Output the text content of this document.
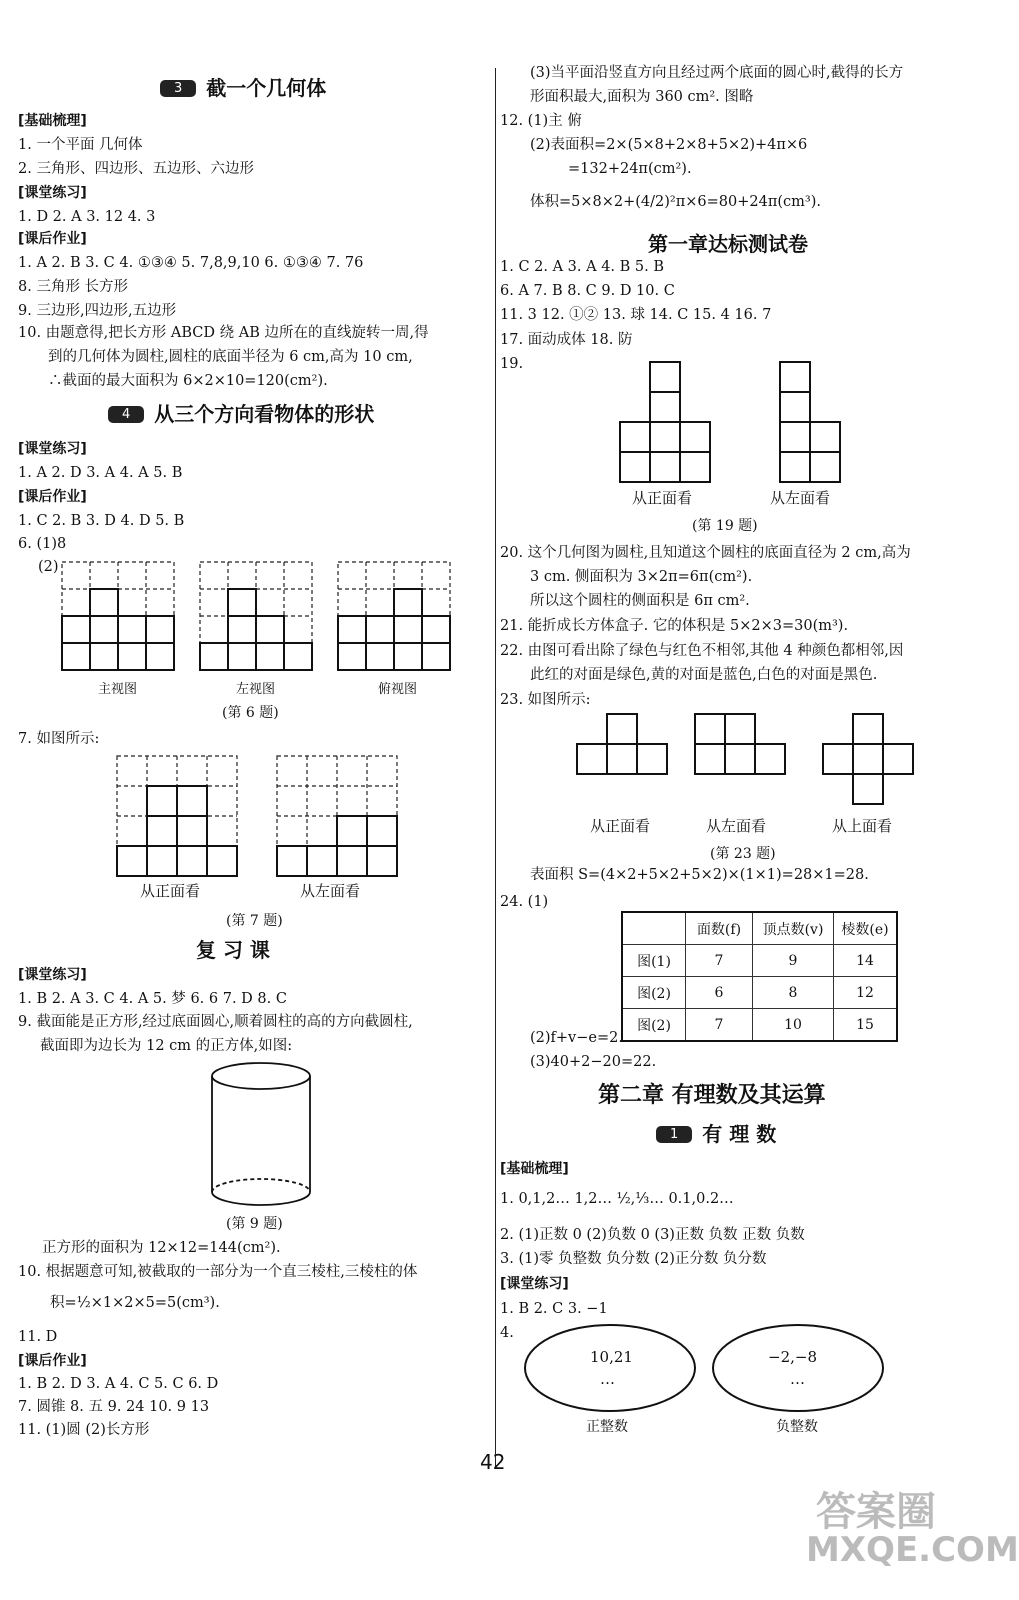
3 截一个几何体
[基础梳理]
1. 一个平面 几何体
2. 三角形、四边形、五边形、六边形
[课堂练习]
1. D 2. A 3. 12 4. 3
[课后作业]
1. A 2. B 3. C 4. ①③④ 5. 7,8,9,10 6. ①③④ 7. 76
8. 三角形 长方形
9. 三边形,四边形,五边形
10. 由题意得,把长方形 ABCD 绕 AB 边所在的直线旋转一周,得
到的几何体为圆柱,圆柱的底面半径为 6 cm,高为 10 cm,
∴截面的最大面积为 6×2×10=120(cm²).
4 从三个方向看物体的形状
[课堂练习]
1. A 2. D 3. A 4. A 5. B
[课后作业]
1. C 2. B 3. D 4. D 5. B
6. (1)8
(2)
主视图	左视图	俯视图
(第 6 题)
7. 如图所示:
从正面看	从左面看
(第 7 题)
复 习 课
[课堂练习]
1. B 2. A 3. C 4. A 5. 梦 6. 6 7. D 8. C
9. 截面能是正方形,经过底面圆心,顺着圆柱的高的方向截圆柱,
截面即为边长为 12 cm 的正方体,如图:
(第 9 题)
正方形的面积为 12×12=144(cm²).
10. 根据题意可知,被截取的一部分为一个直三棱柱,三棱柱的体
积=½×1×2×5=5(cm³).
11. D
[课后作业]
1. B 2. D 3. A 4. C 5. C 6. D
7. 圆锥 8. 五 9. 24 10. 9 13
11. (1)圆 (2)长方形
(3)当平面沿竖直方向且经过两个底面的圆心时,截得的长方
形面积最大,面积为 360 cm². 图略
12. (1)主 俯
(2)表面积=2×(5×8+2×8+5×2)+4π×6
=132+24π(cm²).
体积=5×8×2+(4/2)²π×6=80+24π(cm³).
第一章达标测试卷
1. C 2. A 3. A 4. B 5. B
6. A 7. B 8. C 9. D 10. C
11. 3 12. ①② 13. 球 14. C 15. 4 16. 7
17. 面动成体 18. 防
19.
从正面看	从左面看
(第 19 题)
20. 这个几何图为圆柱,且知道这个圆柱的底面直径为 2 cm,高为
3 cm. 侧面积为 3×2π=6π(cm²).
所以这个圆柱的侧面积是 6π cm².
21. 能折成长方体盒子. 它的体积是 5×2×3=30(m³).
22. 由图可看出除了绿色与红色不相邻,其他 4 种颜色都相邻,因
此红的对面是绿色,黄的对面是蓝色,白色的对面是黑色.
23. 如图所示:
从正面看	从左面看	从上面看
(第 23 题)
表面积 S=(4×2+5×2+5×2)×(1×1)=28×1=28.
24. (1)
	面数(f)	顶点数(v)	棱数(e)
图(1)	7	9	14
图(2)	6	8	12
图(2)	7	10	15
(2)f+v−e=2.
(3)40+2−20=22.
第二章 有理数及其运算
1 有 理 数
[基础梳理]
1. 0,1,2… 1,2… ½,⅓… 0.1,0.2…
2. (1)正数 0 (2)负数 0 (3)正数 负数 正数 负数
3. (1)零 负整数 负分数 (2)正分数 负分数
[课堂练习]
1. B 2. C 3. −1
4.
10,21
…
正整数
−2,−8
…
负整数
42
答案圈
MXQE.COM
